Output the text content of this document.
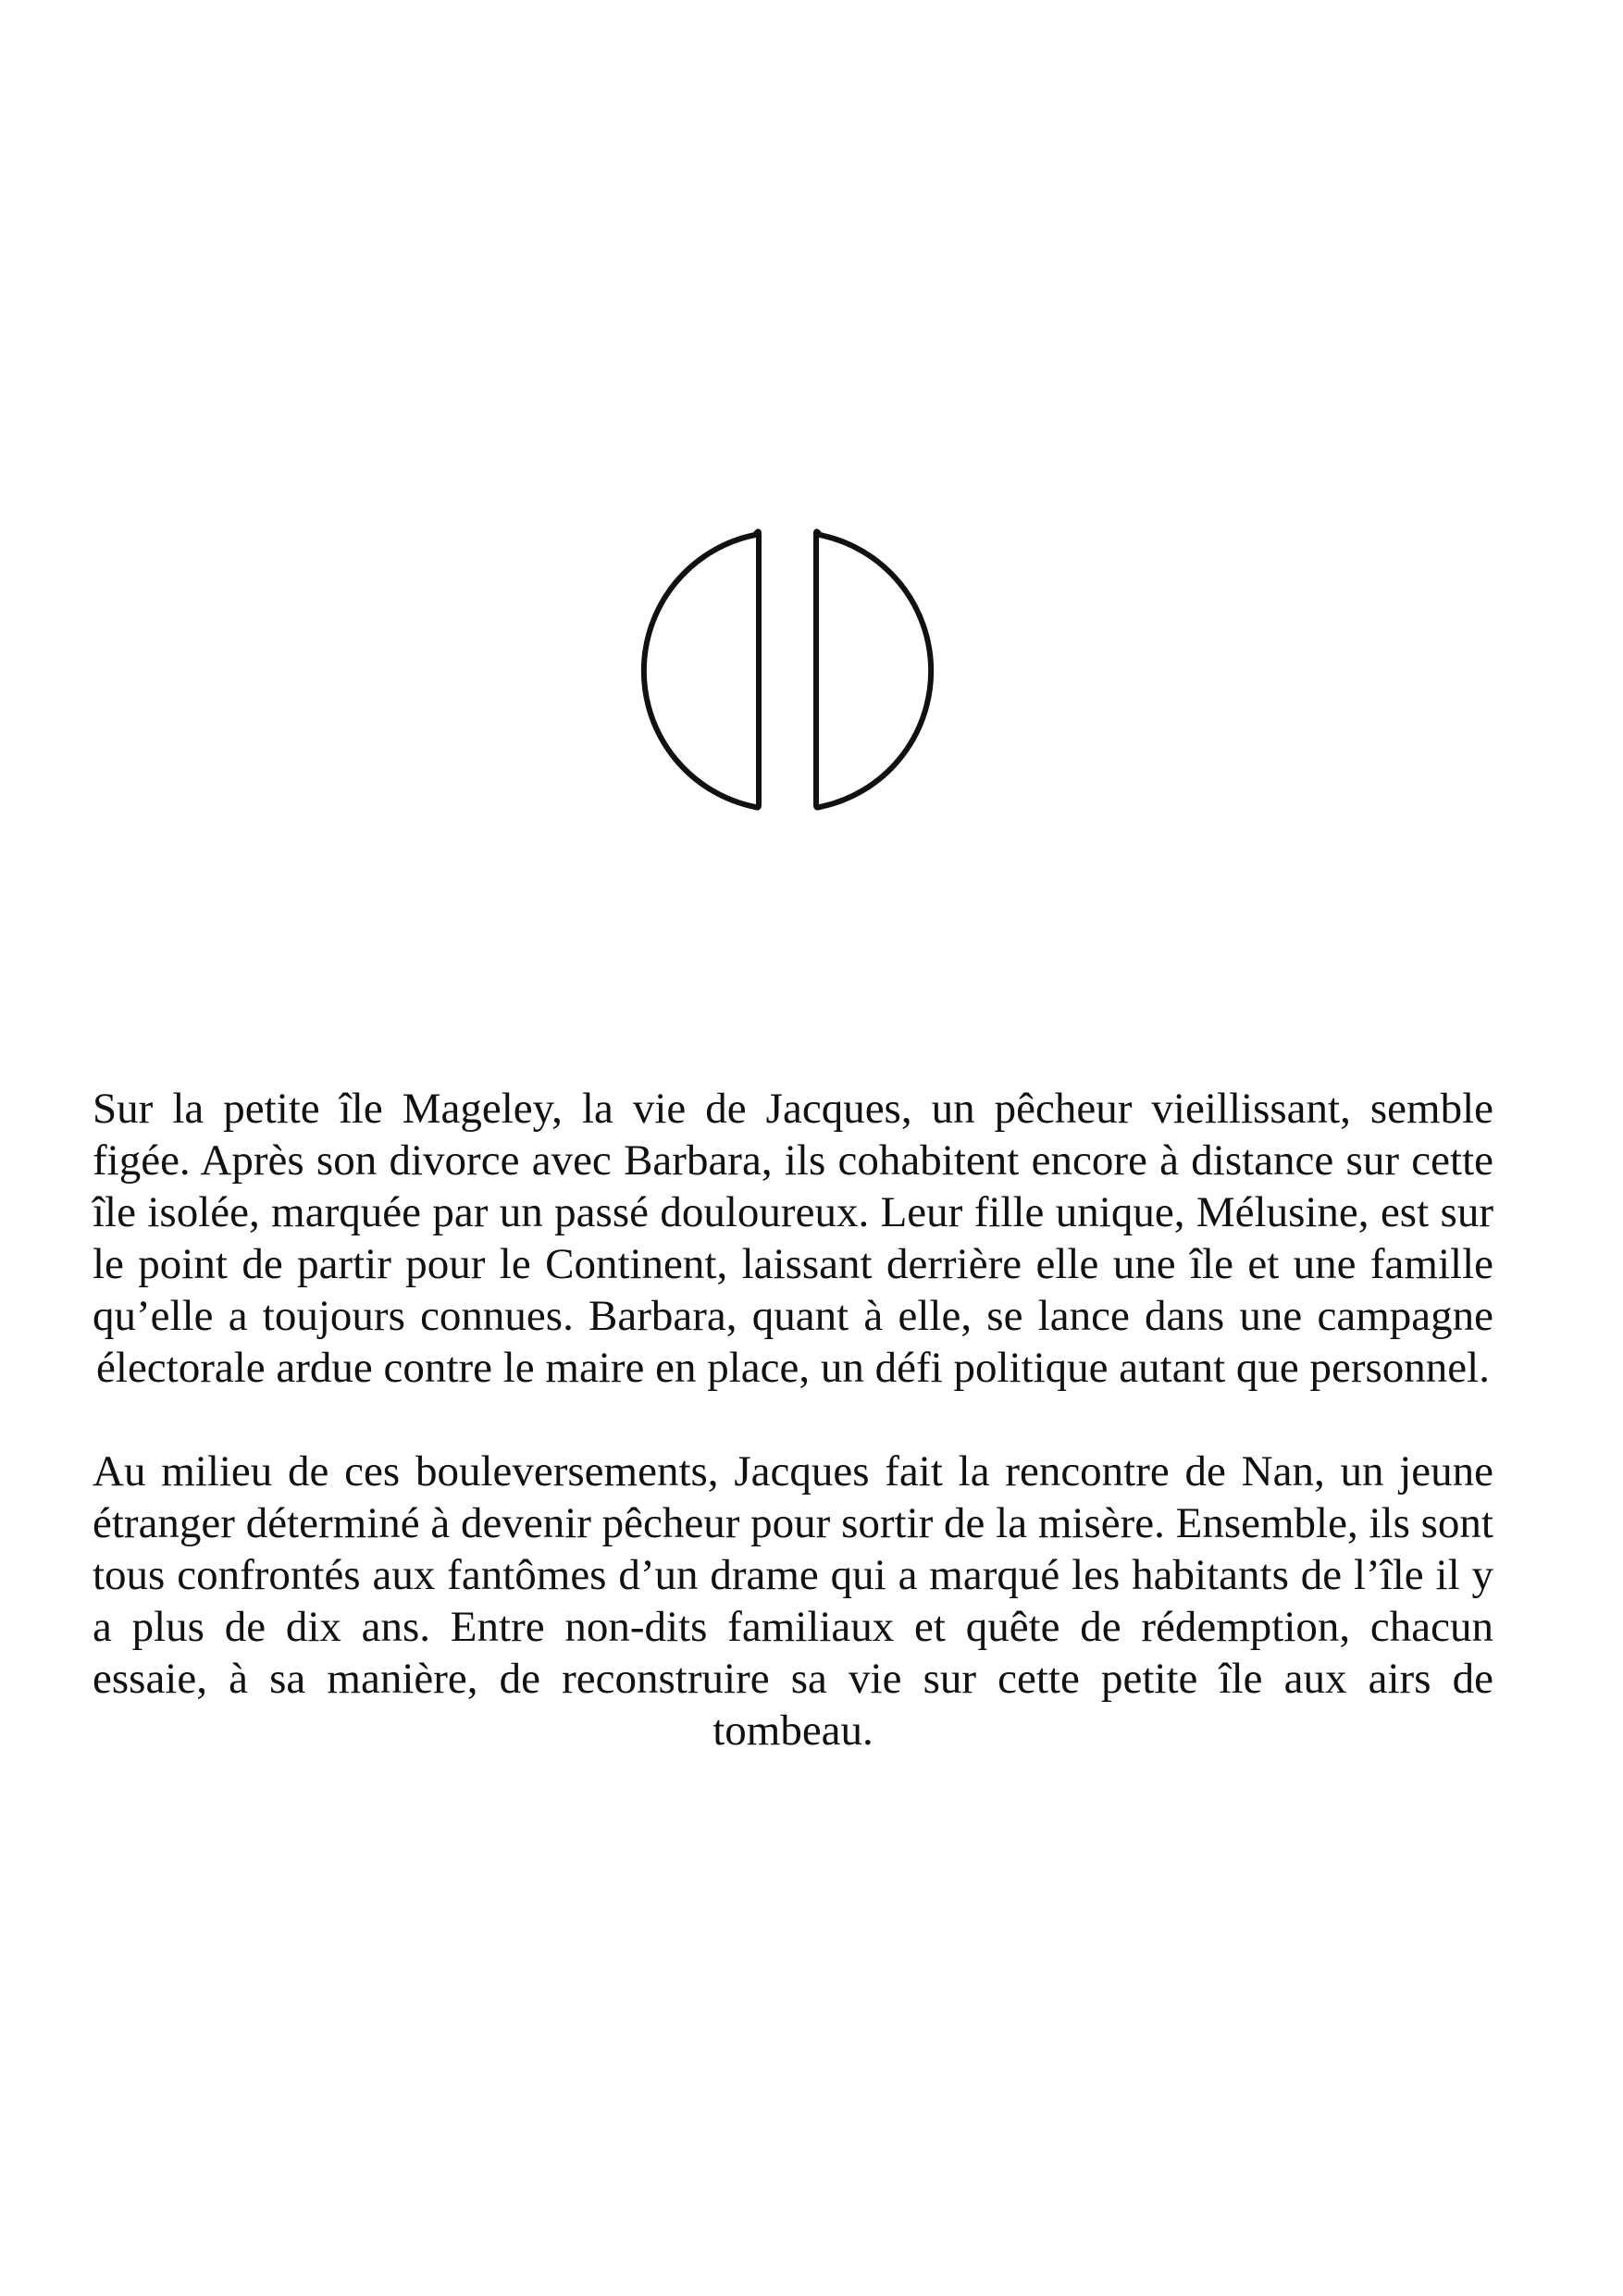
Sur la petite île Mageley, la vie de Jacques, un pêcheur vieillissant, semble figée. Après son divorce avec Barbara, ils cohabitent encore à distance sur cette île isolée, marquée par un passé douloureux. Leur fille unique, Mélusine, est sur le point de partir pour le Continent, laissant derrière elle une île et une famille qu’elle a toujours connues. Barbara, quant à elle, se lance dans une campagne électorale ardue contre le maire en place, un défi politique autant que personnel.

Au milieu de ces bouleversements, Jacques fait la rencontre de Nan, un jeune étranger déterminé à devenir pêcheur pour sortir de la misère. Ensemble, ils sont tous confrontés aux fantômes d’un drame qui a marqué les habitants de l’île il y a plus de dix ans. Entre non-dits familiaux et quête de rédemption, chacun essaie, à sa manière, de reconstruire sa vie sur cette petite île aux airs de tombeau.
